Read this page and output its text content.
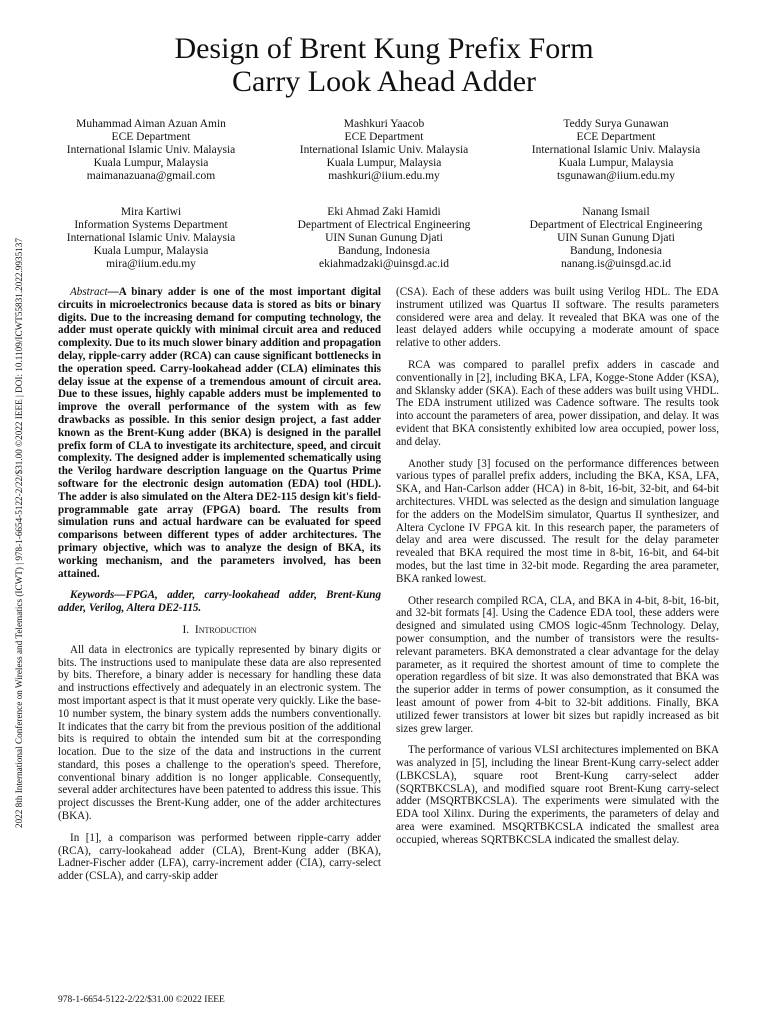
Design of Brent Kung Prefix Form
Carry Look Ahead Adder
Muhammad Aiman Azuan Amin
ECE Department
International Islamic Univ. Malaysia
Kuala Lumpur, Malaysia
maimanazuana@gmail.com
Mashkuri Yaacob
ECE Department
International Islamic Univ. Malaysia
Kuala Lumpur, Malaysia
mashkuri@iium.edu.my
Teddy Surya Gunawan
ECE Department
International Islamic Univ. Malaysia
Kuala Lumpur, Malaysia
tsgunawan@iium.edu.my
Mira Kartiwi
Information Systems Department
International Islamic Univ. Malaysia
Kuala Lumpur, Malaysia
mira@iium.edu.my
Eki Ahmad Zaki Hamidi
Department of Electrical Engineering
UIN Sunan Gunung Djati
Bandung, Indonesia
ekiahmadzaki@uinsgd.ac.id
Nanang Ismail
Department of Electrical Engineering
UIN Sunan Gunung Djati
Bandung, Indonesia
nanang.is@uinsgd.ac.id
2022 8th International Conference on Wireless and Telematics (ICWT) | 978-1-6654-5122-2/22/$31.00 ©2022 IEEE | DOI: 10.1109/ICWT55831.2022.9935137	Abstract—A binary adder is one of the most important digital circuits in microelectronics because data is stored as bits or binary digits. Due to the increasing demand for computing technology, the adder must operate quickly with minimal circuit area and reduced complexity. Due to its much slower binary addition and propagation delay, ripple-carry adder (RCA) can cause significant bottlenecks in the operation speed. Carry-lookahead adder (CLA) eliminates this delay issue at the expense of a tremendous amount of circuit area. Due to these issues, highly capable adders must be implemented to improve the overall performance of the system with as few drawbacks as possible. In this senior design project, a fast adder known as the Brent-Kung adder (BKA) is designed in the parallel prefix form of CLA to investigate its architecture, speed, and circuit complexity. The designed adder is implemented schematically using the Verilog hardware description language on the Quartus Prime software for the electronic design automation (EDA) tool (HDL). The adder is also simulated on the Altera DE2-115 design kit's field-programmable gate array (FPGA) board. The results from simulation runs and actual hardware can be evaluated for speed comparisons between different types of adder architectures. The primary objective, which was to analyze the design of BKA, its working mechanism, and the parameters involved, has been attained.

Keywords—FPGA, adder, carry-lookahead adder, Brent-Kung adder, Verilog, Altera DE2-115.

I. Introduction

All data in electronics are typically represented by binary digits or bits. The instructions used to manipulate these data are also represented by bits. Therefore, a binary adder is necessary for handling these data and instructions effectively and adequately in an electronic system. The most important aspect is that it must operate very quickly. Like the base-10 number system, the binary system adds the numbers conventionally. It indicates that the carry bit from the previous position of the additional bits is required to obtain the intended sum bit at the corresponding location. Due to the size of the data and instructions in the current standard, this poses a challenge to the operation's speed. Therefore, conventional binary addition is no longer applicable. Consequently, several adder architectures have been patented to address this issue. This project discusses the Brent-Kung adder, one of the adder architectures (BKA).

In [1], a comparison was performed between ripple-carry adder (RCA), carry-lookahead adder (CLA), Brent-Kung adder (BKA), Ladner-Fischer adder (LFA), carry-increment adder (CIA), carry-select adder (CSLA), and carry-skip adder

(CSA). Each of these adders was built using Verilog HDL. The EDA instrument utilized was Quartus II software. The results parameters considered were area and delay. It revealed that BKA was one of the least delayed adders while occupying a moderate amount of space relative to other adders.

RCA was compared to parallel prefix adders in cascade and conventionally in [2], including BKA, LFA, Kogge-Stone Adder (KSA), and Sklansky adder (SKA). Each of these adders was built using VHDL. The EDA instrument utilized was Cadence software. The results took into account the parameters of area, power dissipation, and delay. It was evident that BKA consistently exhibited low area occupied, power loss, and delay.

Another study [3] focused on the performance differences between various types of parallel prefix adders, including the BKA, KSA, LFA, SKA, and Han-Carlson adder (HCA) in 8-bit, 16-bit, 32-bit, and 64-bit architectures. VHDL was selected as the design and simulation language for the adders on the ModelSim simulator, Quartus II synthesizer, and Altera Cyclone IV FPGA kit. In this research paper, the parameters of delay and area were discussed. The result for the delay parameter revealed that BKA required the most time in 8-bit, 16-bit, and 64-bit modes, but the last time in 32-bit mode. Regarding the area parameter, BKA ranked lowest.

Other research compiled RCA, CLA, and BKA in 4-bit, 8-bit, 16-bit, and 32-bit formats [4]. Using the Cadence EDA tool, these adders were designed and simulated using CMOS logic-45nm Technology. Delay, power consumption, and the number of transistors were the results-relevant parameters. BKA demonstrated a clear advantage for the delay parameter, as it required the shortest amount of time to complete the operation regardless of bit size. It was also demonstrated that BKA was the superior adder in terms of power consumption, as it consumed the least amount of power from 4-bit to 32-bit additions. Finally, BKA utilized fewer transistors at lower bit sizes but rapidly increased as bit sizes grew larger.

The performance of various VLSI architectures implemented on BKA was analyzed in [5], including the linear Brent-Kung carry-select adder (LBKCSLA), square root Brent-Kung carry-select adder (SQRTBKCSLA), and modified square root Brent-Kung carry-select adder (MSQRTBKCSLA). The experiments were simulated with the EDA tool Xilinx. During the experiments, the parameters of delay and area were examined. MSQRTBKCSLA indicated the smallest area occupied, whereas SQRTBKCSLA indicated the smallest delay.

978-1-6654-5122-2/22/$31.00 ©2022 IEEE
